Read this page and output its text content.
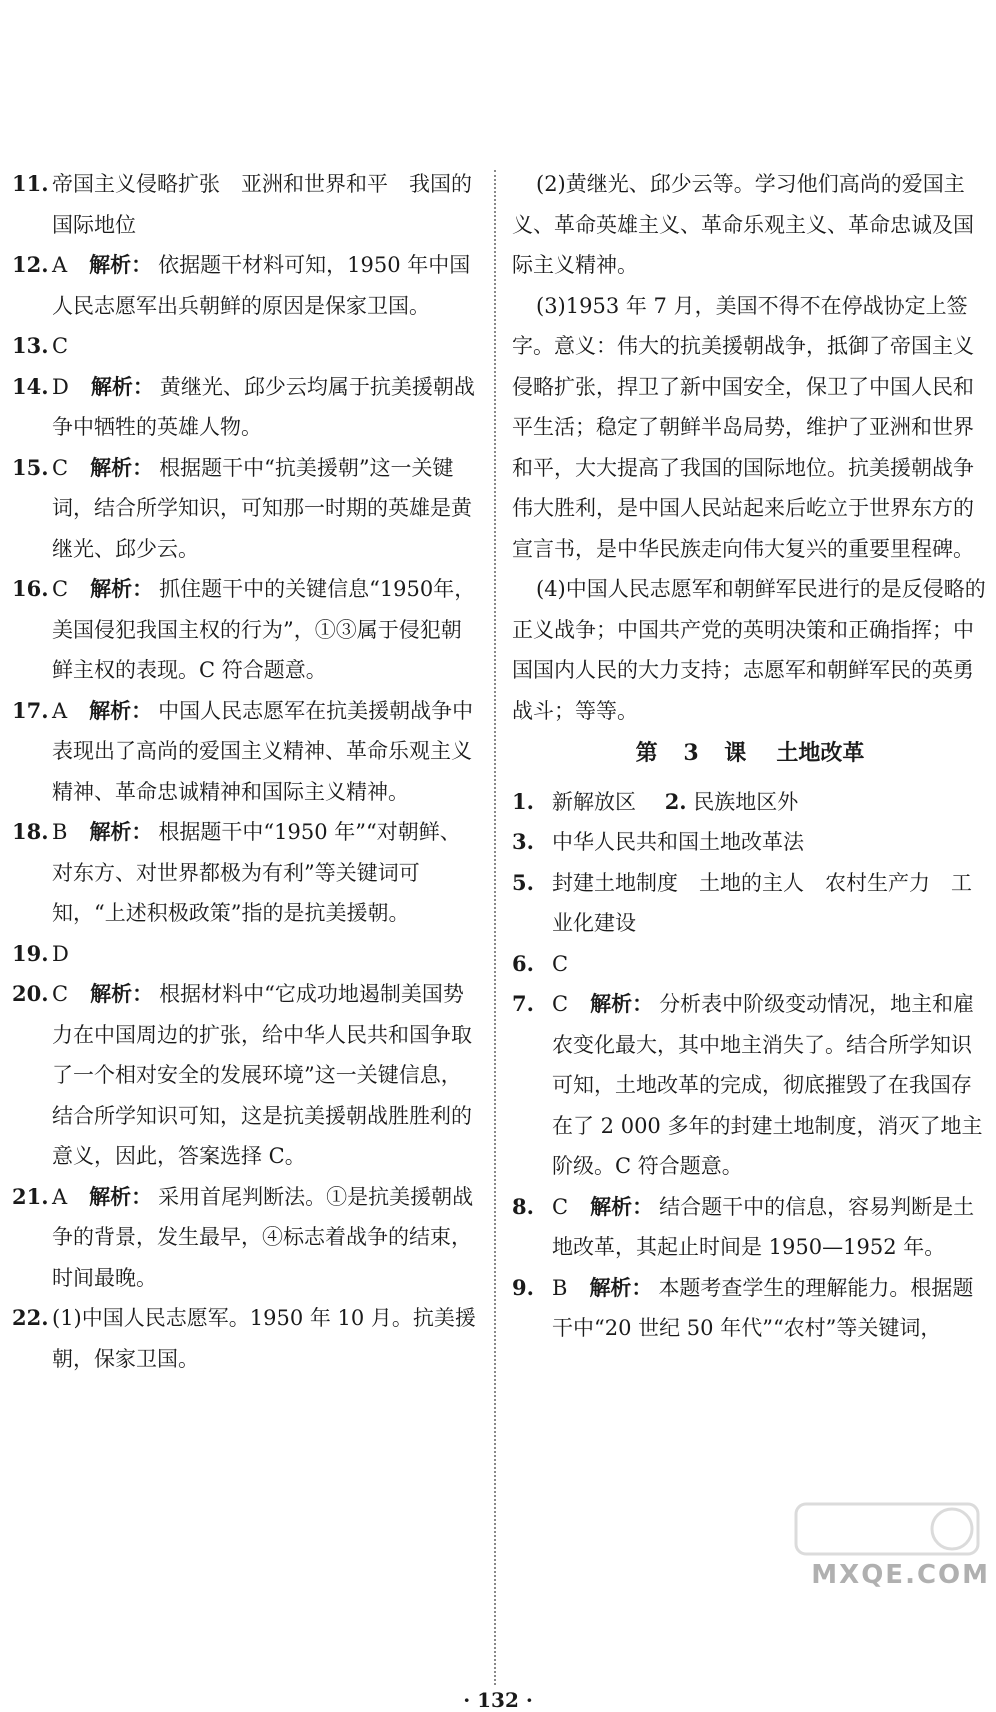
11. 帝国主义侵略扩张　亚洲和世界和平　我国的国际地位
12. A 解析： 依据题干材料可知，1950 年中国人民志愿军出兵朝鲜的原因是保家卫国。
13. C
14. D 解析： 黄继光、邱少云均属于抗美援朝战争中牺牲的英雄人物。
15. C 解析： 根据题干中“抗美援朝”这一关键词，结合所学知识，可知那一时期的英雄是黄继光、邱少云。
16. C 解析： 抓住题干中的关键信息“1950年，美国侵犯我国主权的行为”，①③属于侵犯朝鲜主权的表现。C 符合题意。
17. A 解析： 中国人民志愿军在抗美援朝战争中表现出了高尚的爱国主义精神、革命乐观主义精神、革命忠诚精神和国际主义精神。
18. B 解析： 根据题干中“1950 年”“对朝鲜、对东方、对世界都极为有利”等关键词可知，“上述积极政策”指的是抗美援朝。
19. D
20. C 解析： 根据材料中“它成功地遏制美国势力在中国周边的扩张，给中华人民共和国争取了一个相对安全的发展环境”这一关键信息，结合所学知识可知，这是抗美援朝战胜胜利的意义，因此，答案选择 C。
21. A 解析： 采用首尾判断法。①是抗美援朝战争的背景，发生最早，④标志着战争的结束，时间最晚。
22. (1)中国人民志愿军。1950 年 10 月。抗美援朝，保家卫国。
(2)黄继光、邱少云等。学习他们高尚的爱国主义、革命英雄主义、革命乐观主义、革命忠诚及国际主义精神。
(3)1953 年 7 月，美国不得不在停战协定上签字。意义：伟大的抗美援朝战争，抵御了帝国主义侵略扩张，捍卫了新中国安全，保卫了中国人民和平生活；稳定了朝鲜半岛局势，维护了亚洲和世界和平，大大提高了我国的国际地位。抗美援朝战争伟大胜利，是中国人民站起来后屹立于世界东方的宣言书，是中华民族走向伟大复兴的重要里程碑。
(4)中国人民志愿军和朝鲜军民进行的是反侵略的正义战争；中国共产党的英明决策和正确指挥；中国国内人民的大力支持；志愿军和朝鲜军民的英勇战斗；等等。
第 3 课 土地改革
1. 新解放区 2. 民族地区外
3. 中华人民共和国土地改革法
5. 封建土地制度　土地的主人　农村生产力　工业化建设
6. C
7. C 解析： 分析表中阶级变动情况，地主和雇农变化最大，其中地主消失了。结合所学知识可知，土地改革的完成，彻底摧毁了在我国存在了 2 000 多年的封建土地制度，消灭了地主阶级。C 符合题意。
8. C 解析： 结合题干中的信息，容易判断是土地改革，其起止时间是 1950—1952 年。
9. B 解析： 本题考查学生的理解能力。根据题干中“20 世纪 50 年代”“农村”等关键词，
· 132 ·
MXQE.COM
